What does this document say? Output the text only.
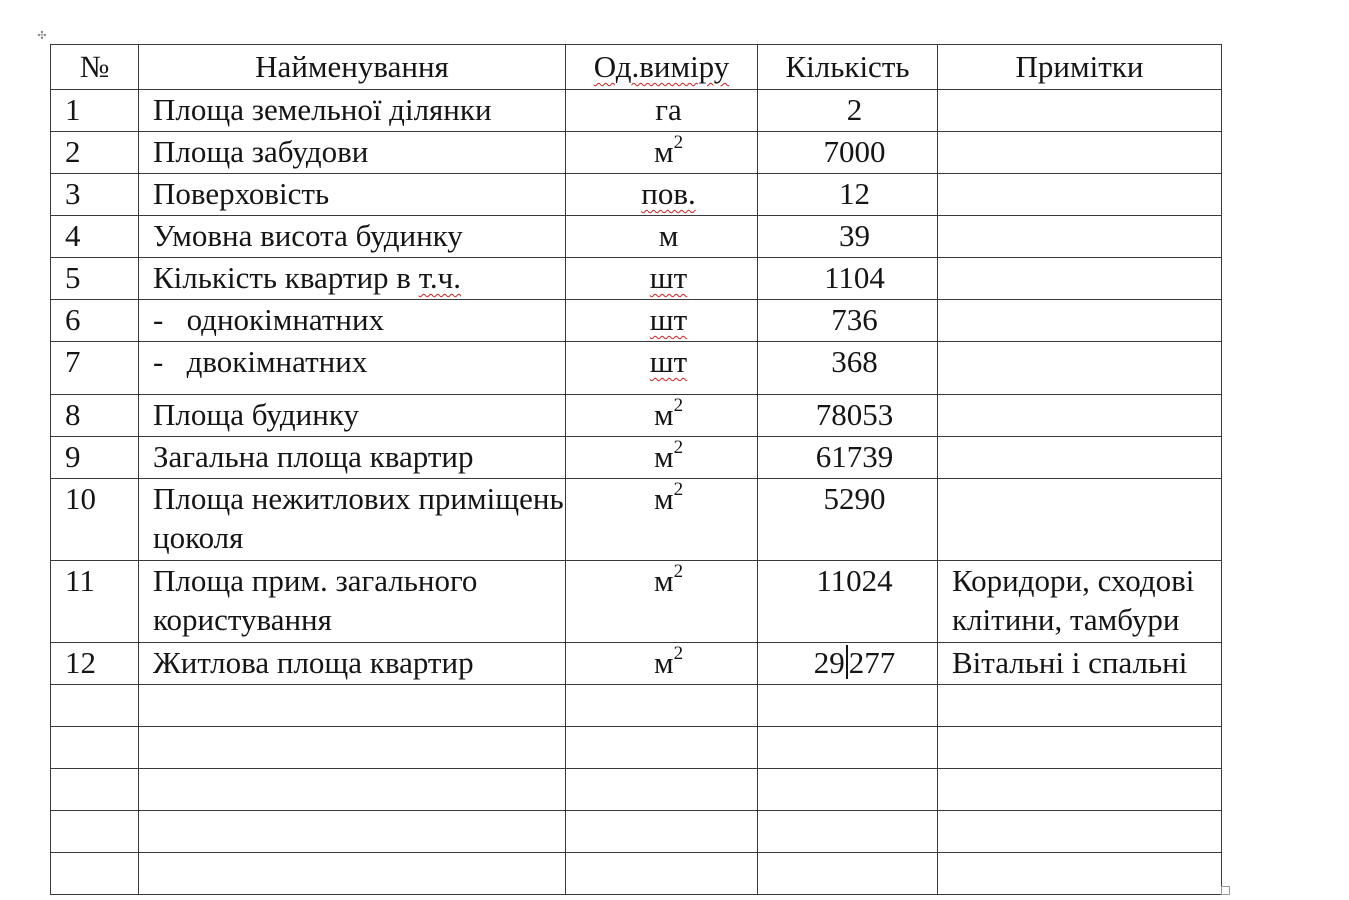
✣
№	Найменування	Од.виміру	Кількість	Примітки
1	Площа земельної ділянки	га	2	
2	Площа забудови	$м^2$	7000	
3	Поверховість	пов.	12	
4	Умовна висота будинку	м	39	
5	Кількість квартир в т.ч.	шт	1104	
6	-   однокімнатних	шт	736	
7	-   двокімнатних	шт	368	
8	Площа будинку	$м^2$	78053	
9	Загальна площа квартир	$м^2$	61739	
10	Площа нежитлових приміщень цоколя	$м^2$	5290	
11	Площа прим. загального користування	$м^2$	11024	Коридори, сходові клітини, тамбури
12	Житлова площа квартир	$м^2$	29 277	Вітальні і спальні
